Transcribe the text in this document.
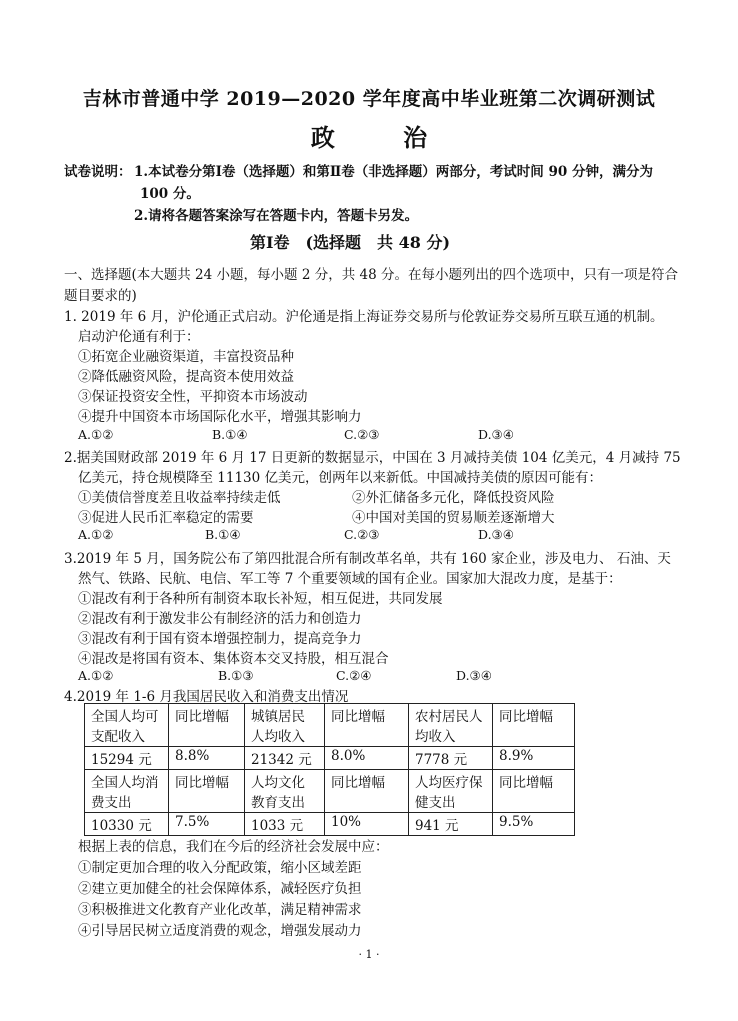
吉林市普通中学 2019—2020 学年度高中毕业班第二次调研测试
政 治
试卷说明： 1.本试卷分第Ⅰ卷（选择题）和第Ⅱ卷（非选择题）两部分，考试时间 90 分钟，满分为
100 分。
2.请将各题答案涂写在答题卡内，答题卡另发。
第Ⅰ卷　(选择题　共 48 分)
一、选择题(本大题共 24 小题，每小题 2 分，共 48 分。在每小题列出的四个选项中，只有一项是符合
题目要求的)
1. 2019 年 6 月，沪伦通正式启动。沪伦通是指上海证券交易所与伦敦证券交易所互联互通的机制。
启动沪伦通有利于：
①拓宽企业融资渠道，丰富投资品种
②降低融资风险，提高资本使用效益
③保证投资安全性，平抑资本市场波动
④提升中国资本市场国际化水平，增强其影响力
A.①②	B.①④	C.②③	D.③④
2.据美国财政部 2019 年 6 月 17 日更新的数据显示，中国在 3 月减持美债 104 亿美元，4 月减持 75
亿美元，持仓规模降至 11130 亿美元，创两年以来新低。中国减持美债的原因可能有：
①美债信誉度差且收益率持续走低	②外汇储备多元化，降低投资风险
③促进人民币汇率稳定的需要	④中国对美国的贸易顺差逐渐增大
A.①②	B.①④	C.②③	D.③④
3.2019 年 5 月，国务院公布了第四批混合所有制改革名单，共有 160 家企业，涉及电力、 石油、天
然气、铁路、民航、电信、军工等 7 个重要领域的国有企业。国家加大混改力度，是基于：
①混改有利于各种所有制资本取长补短，相互促进，共同发展
②混改有利于激发非公有制经济的活力和创造力
③混改有利于国有资本增强控制力，提高竞争力
④混改是将国有资本、集体资本交叉持股，相互混合
A.①②	B.①③	C.②④	D.③④
4.2019 年 1-6 月我国居民收入和消费支出情况
全国人均可支配收入	同比增幅	城镇居民人均收入	同比增幅	农村居民人均收入	同比增幅
15294 元	8.8%	21342 元	8.0%	7778 元	8.9%
全国人均消费支出	同比增幅	人均文化教育支出	同比增幅	人均医疗保健支出	同比增幅
10330 元	7.5%	1033 元	10%	941 元	9.5%
根据上表的信息，我们在今后的经济社会发展中应：
①制定更加合理的收入分配政策，缩小区域差距
②建立更加健全的社会保障体系，减轻医疗负担
③积极推进文化教育产业化改革，满足精神需求
④引导居民树立适度消费的观念，增强发展动力
· 1 ·
